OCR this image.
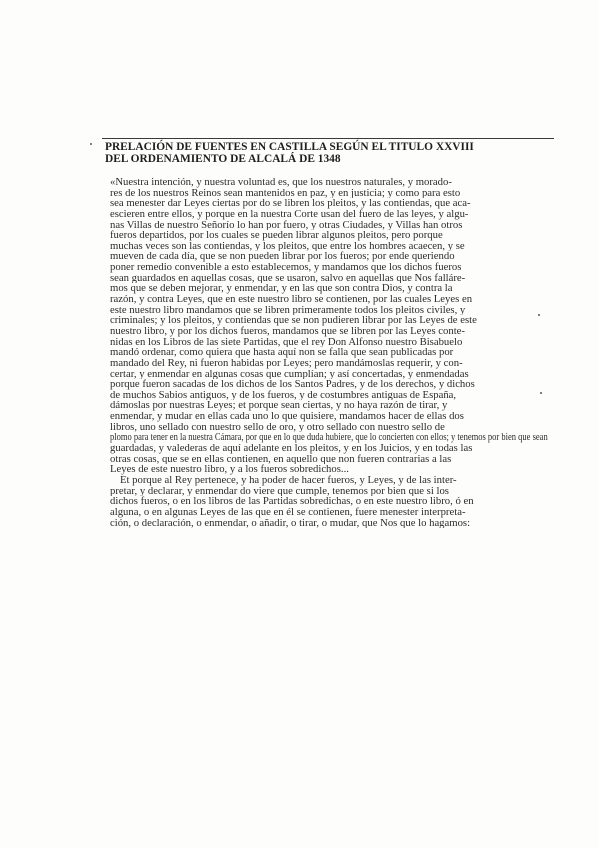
PRELACIÓN DE FUENTES EN CASTILLA SEGÚN EL TITULO XXVIII
DEL ORDENAMIENTO DE ALCALÁ DE 1348

«Nuestra intención, y nuestra voluntad es, que los nuestros naturales, y morado-
res de los nuestros Reinos sean mantenidos en paz, y en justicia; y como para esto
sea menester dar Leyes ciertas por do se libren los pleitos, y las contiendas, que aca-
escieren entre ellos, y porque en la nuestra Corte usan del fuero de las leyes, y algu-
nas Villas de nuestro Señorío lo han por fuero, y otras Ciudades, y Villas han otros
fueros departidos, por los cuales se pueden librar algunos pleitos, pero porque
muchas veces son las contiendas, y los pleitos, que entre los hombres acaecen, y se
mueven de cada día, que se non pueden librar por los fueros; por ende queriendo
poner remedio convenible a esto establecemos, y mandamos que los dichos fueros
sean guardados en aquellas cosas, que se usaron, salvo en aquellas que Nos falláre-
mos que se deben mejorar, y enmendar, y en las que son contra Dios, y contra la
razón, y contra Leyes, que en este nuestro libro se contienen, por las cuales Leyes en
este nuestro libro mandamos que se libren primeramente todos los pleitos civiles, y
criminales; y los pleitos, y contiendas que se non pudieren librar por las Leyes de este
nuestro libro, y por los dichos fueros, mandamos que se libren por las Leyes conte-
nidas en los Libros de las siete Partidas, que el rey Don Alfonso nuestro Bisabuelo
mandó ordenar, como quiera que hasta aquí non se falla que sean publicadas por
mandado del Rey, ni fueron habidas por Leyes; pero mandámoslas requerir, y con-
certar, y enmendar en algunas cosas que cumplían; y así concertadas, y enmendadas
porque fueron sacadas de los dichos de los Santos Padres, y de los derechos, y dichos
de muchos Sabios antiguos, y de los fueros, y de costumbres antiguas de España,
dámoslas por nuestras Leyes; et porque sean ciertas, y no haya razón de tirar, y
enmendar, y mudar en ellas cada uno lo que quisiere, mandamos hacer de ellas dos
libros, uno sellado con nuestro sello de oro, y otro sellado con nuestro sello de
plomo para tener en la nuestra Cámara, por que en lo que duda hubiere, que lo concierten con ellos; y tenemos por bien que sean
guardadas, y valederas de aquí adelante en los pleitos, y en los Juicios, y en todas las
otras cosas, que se en ellas contienen, en aquello que non fueren contrarias a las
Leyes de este nuestro libro, y a los fueros sobredichos...
Et porque al Rey pertenece, y ha poder de hacer fueros, y Leyes, y de las inter-
pretar, y declarar, y enmendar do viere que cumple, tenemos por bien que si los
dichos fueros, o en los libros de las Partidas sobredichas, o en este nuestro libro, ó en
alguna, o en algunas Leyes de las que en él se contienen, fuere menester interpreta-
ción, o declaración, o enmendar, o añadir, o tirar, o mudar, que Nos que lo hagamos:
